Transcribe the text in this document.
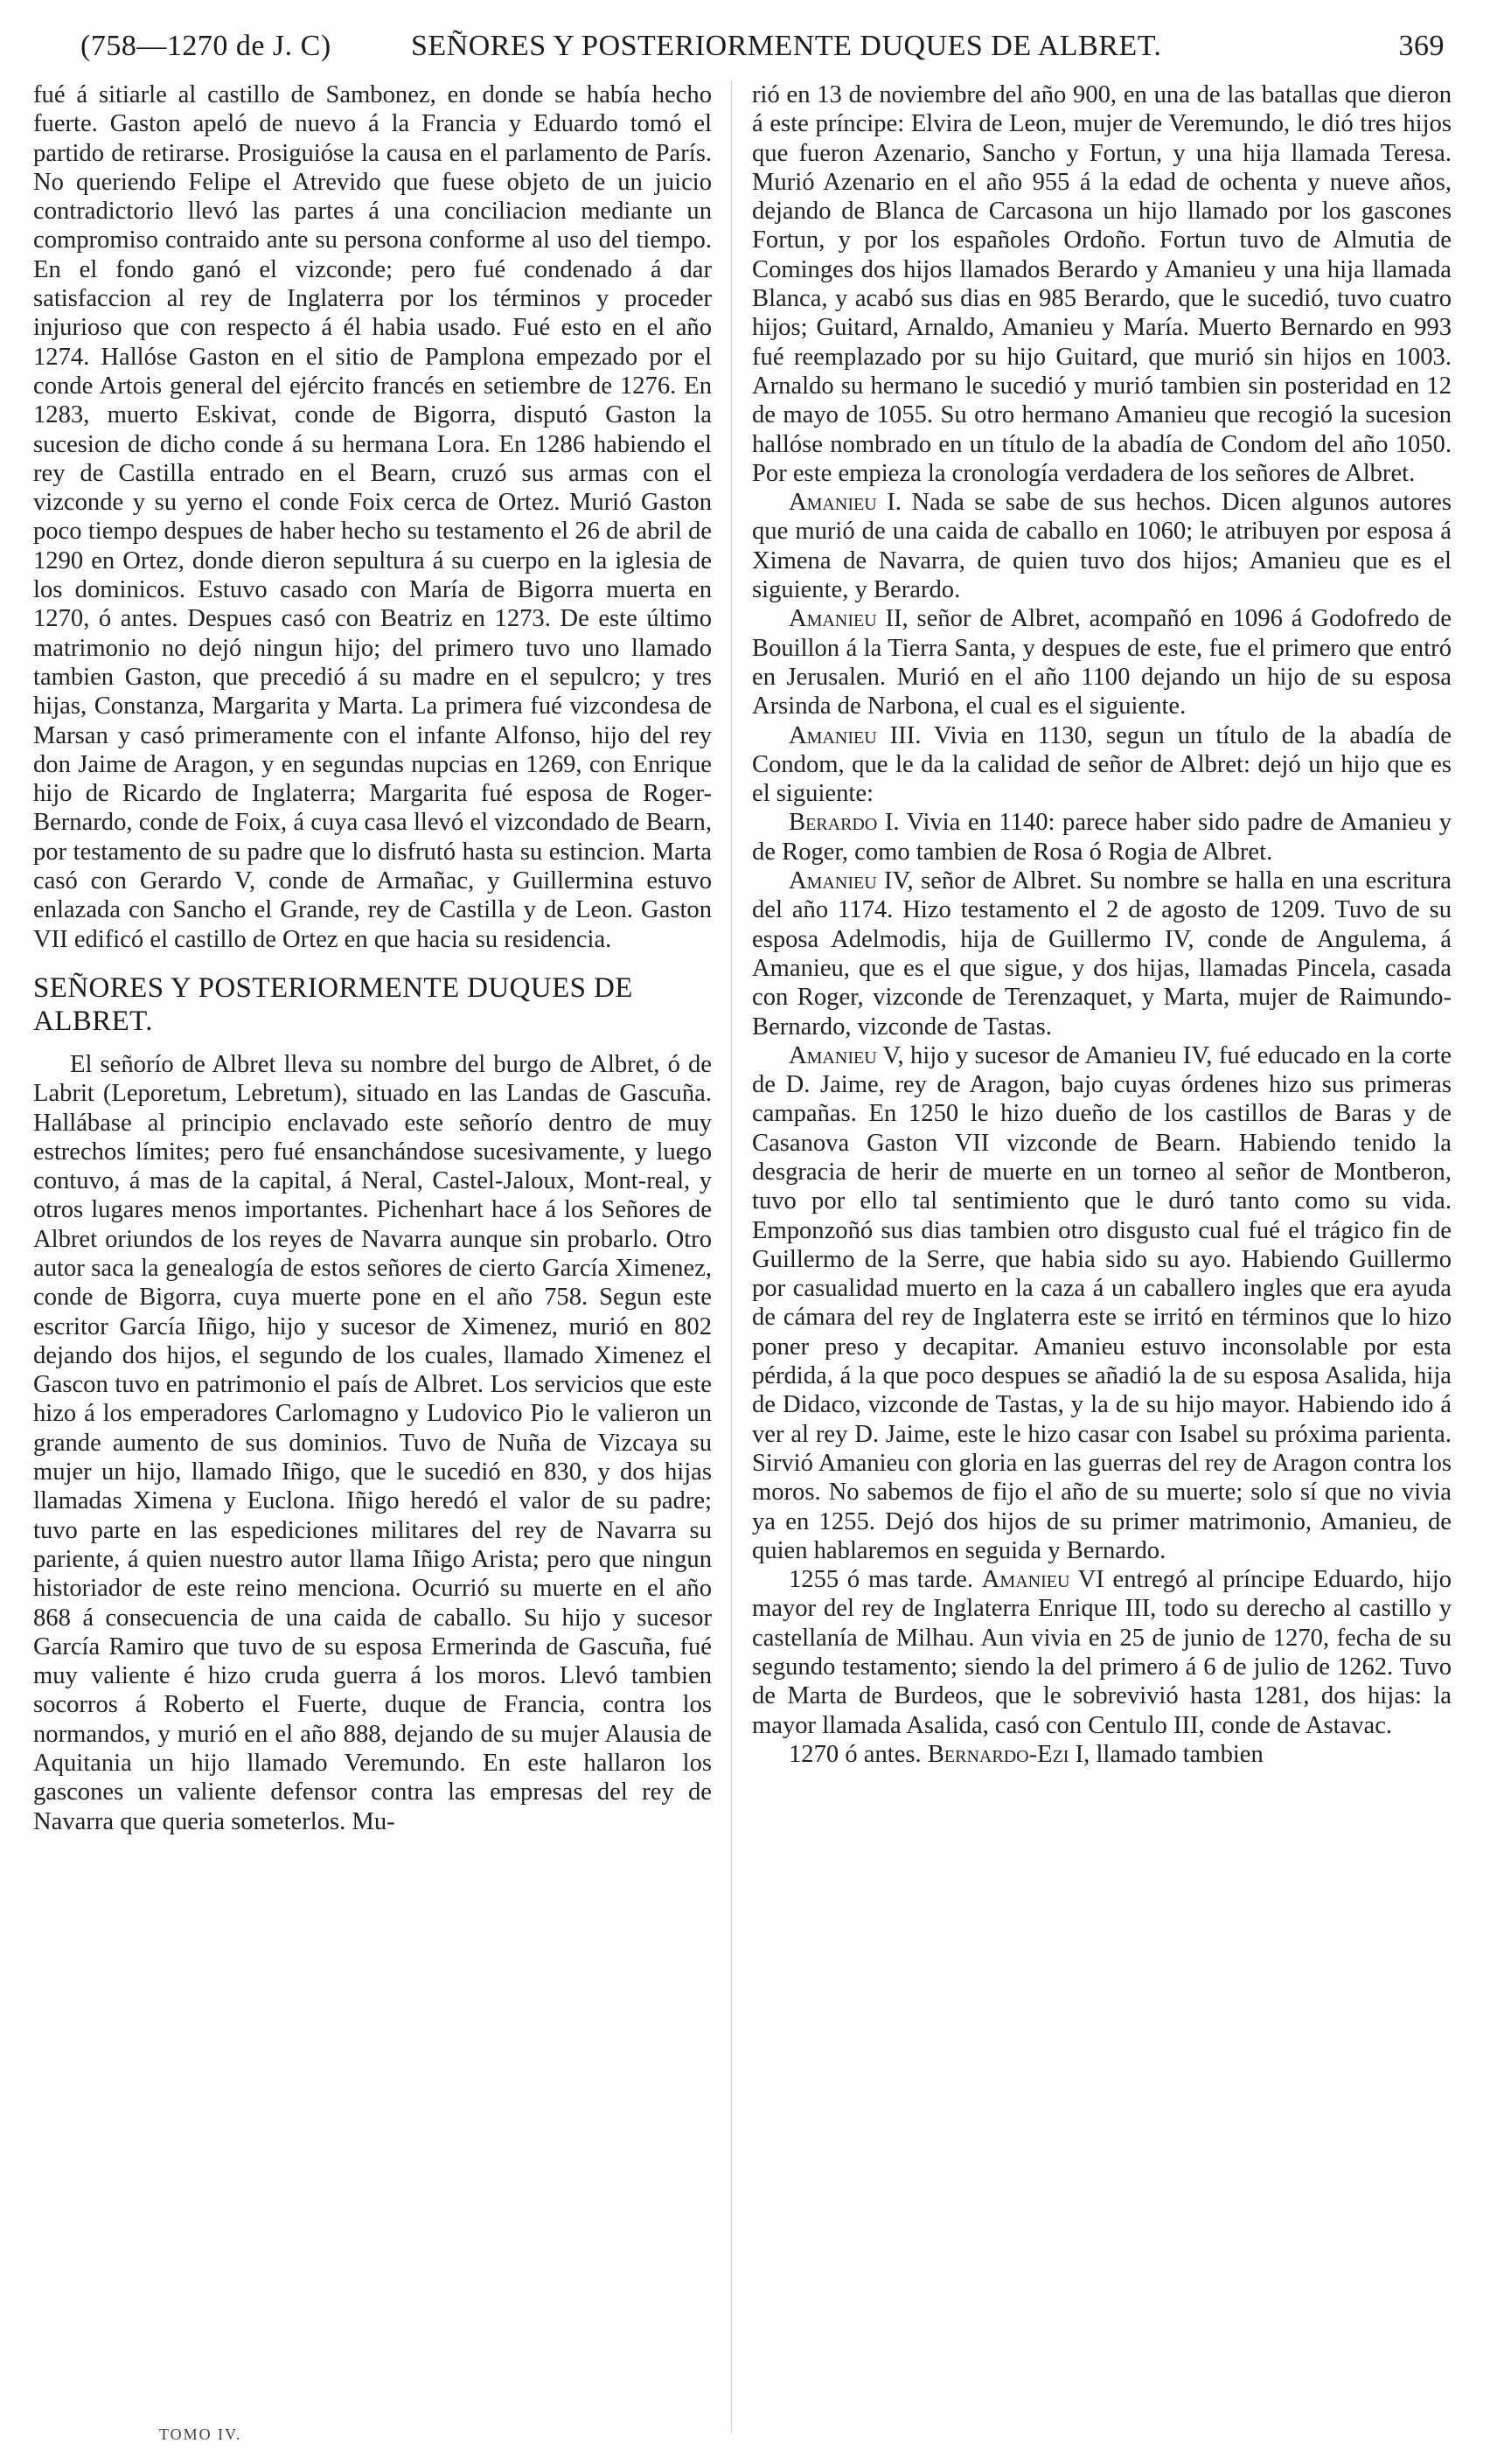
(758—1270 de J. C)	SEÑORES Y POSTERIORMENTE DUQUES DE ALBRET.	369

fué á sitiarle al castillo de Sambonez, en donde se había hecho fuerte. Gaston apeló de nuevo á la Francia y Eduardo tomó el partido de retirarse. Prosiguióse la causa en el parlamento de París. No queriendo Felipe el Atrevido que fuese objeto de un juicio contradictorio llevó las partes á una conciliacion mediante un compromiso contraido ante su persona conforme al uso del tiempo. En el fondo ganó el vizconde; pero fué condenado á dar satisfaccion al rey de Inglaterra por los términos y proceder injurioso que con respecto á él habia usado. Fué esto en el año 1274. Hallóse Gaston en el sitio de Pamplona empezado por el conde Artois general del ejército francés en setiembre de 1276. En 1283, muerto Eskivat, conde de Bigorra, disputó Gaston la sucesion de dicho conde á su hermana Lora. En 1286 habiendo el rey de Castilla entrado en el Bearn, cruzó sus armas con el vizconde y su yerno el conde Foix cerca de Ortez. Murió Gaston poco tiempo despues de haber hecho su testamento el 26 de abril de 1290 en Ortez, donde dieron sepultura á su cuerpo en la iglesia de los dominicos. Estuvo casado con María de Bigorra muerta en 1270, ó antes. Despues casó con Beatriz en 1273. De este último matrimonio no dejó ningun hijo; del primero tuvo uno llamado tambien Gaston, que precedió á su madre en el sepulcro; y tres hijas, Constanza, Margarita y Marta. La primera fué vizcondesa de Marsan y casó primeramente con el infante Alfonso, hijo del rey don Jaime de Aragon, y en segundas nupcias en 1269, con Enrique hijo de Ricardo de Inglaterra; Margarita fué esposa de Roger-Bernardo, conde de Foix, á cuya casa llevó el vizcondado de Bearn, por testamento de su padre que lo disfrutó hasta su estincion. Marta casó con Gerardo V, conde de Armañac, y Guillermina estuvo enlazada con Sancho el Grande, rey de Castilla y de Leon. Gaston VII edificó el castillo de Ortez en que hacia su residencia.

SEÑORES Y POSTERIORMENTE DUQUES DE ALBRET.

El señorío de Albret lleva su nombre del burgo de Albret, ó de Labrit (Leporetum, Lebretum), situado en las Landas de Gascuña. Hallábase al principio enclavado este señorío dentro de muy estrechos límites; pero fué ensanchándose sucesivamente, y luego contuvo, á mas de la capital, á Neral, Castel-Jaloux, Mont-real, y otros lugares menos importantes. Pichenhart hace á los Señores de Albret oriundos de los reyes de Navarra aunque sin probarlo. Otro autor saca la genealogía de estos señores de cierto García Ximenez, conde de Bigorra, cuya muerte pone en el año 758. Segun este escritor García Iñigo, hijo y sucesor de Ximenez, murió en 802 dejando dos hijos, el segundo de los cuales, llamado Ximenez el Gascon tuvo en patrimonio el país de Albret. Los servicios que este hizo á los emperadores Carlomagno y Ludovico Pio le valieron un grande aumento de sus dominios. Tuvo de Nuña de Vizcaya su mujer un hijo, llamado Iñigo, que le sucedió en 830, y dos hijas llamadas Ximena y Euclona. Iñigo heredó el valor de su padre; tuvo parte en las espediciones militares del rey de Navarra su pariente, á quien nuestro autor llama Iñigo Arista; pero que ningun historiador de este reino menciona. Ocurrió su muerte en el año 868 á consecuencia de una caida de caballo. Su hijo y sucesor García Ramiro que tuvo de su esposa Ermerinda de Gascuña, fué muy valiente é hizo cruda guerra á los moros. Llevó tambien socorros á Roberto el Fuerte, duque de Francia, contra los normandos, y murió en el año 888, dejando de su mujer Alausia de Aquitania un hijo llamado Veremundo. En este hallaron los gascones un valiente defensor contra las empresas del rey de Navarra que queria someterlos. Mu-

rió en 13 de noviembre del año 900, en una de las batallas que dieron á este príncipe: Elvira de Leon, mujer de Veremundo, le dió tres hijos que fueron Azenario, Sancho y Fortun, y una hija llamada Teresa. Murió Azenario en el año 955 á la edad de ochenta y nueve años, dejando de Blanca de Carcasona un hijo llamado por los gascones Fortun, y por los españoles Ordoño. Fortun tuvo de Almutia de Cominges dos hijos llamados Berardo y Amanieu y una hija llamada Blanca, y acabó sus dias en 985 Berardo, que le sucedió, tuvo cuatro hijos; Guitard, Arnaldo, Amanieu y María. Muerto Bernardo en 993 fué reemplazado por su hijo Guitard, que murió sin hijos en 1003. Arnaldo su hermano le sucedió y murió tambien sin posteridad en 12 de mayo de 1055. Su otro hermano Amanieu que recogió la sucesion hallóse nombrado en un título de la abadía de Condom del año 1050. Por este empieza la cronología verdadera de los señores de Albret.

Amanieu I. Nada se sabe de sus hechos. Dicen algunos autores que murió de una caida de caballo en 1060; le atribuyen por esposa á Ximena de Navarra, de quien tuvo dos hijos; Amanieu que es el siguiente, y Berardo.

Amanieu II, señor de Albret, acompañó en 1096 á Godofredo de Bouillon á la Tierra Santa, y despues de este, fue el primero que entró en Jerusalen. Murió en el año 1100 dejando un hijo de su esposa Arsinda de Narbona, el cual es el siguiente.

Amanieu III. Vivia en 1130, segun un título de la abadía de Condom, que le da la calidad de señor de Albret: dejó un hijo que es el siguiente:

Berardo I. Vivia en 1140: parece haber sido padre de Amanieu y de Roger, como tambien de Rosa ó Rogia de Albret.

Amanieu IV, señor de Albret. Su nombre se halla en una escritura del año 1174. Hizo testamento el 2 de agosto de 1209. Tuvo de su esposa Adelmodis, hija de Guillermo IV, conde de Angulema, á Amanieu, que es el que sigue, y dos hijas, llamadas Pincela, casada con Roger, vizconde de Terenzaquet, y Marta, mujer de Raimundo-Bernardo, vizconde de Tastas.

Amanieu V, hijo y sucesor de Amanieu IV, fué educado en la corte de D. Jaime, rey de Aragon, bajo cuyas órdenes hizo sus primeras campañas. En 1250 le hizo dueño de los castillos de Baras y de Casanova Gaston VII vizconde de Bearn. Habiendo tenido la desgracia de herir de muerte en un torneo al señor de Montberon, tuvo por ello tal sentimiento que le duró tanto como su vida. Emponzoñó sus dias tambien otro disgusto cual fué el trágico fin de Guillermo de la Serre, que habia sido su ayo. Habiendo Guillermo por casualidad muerto en la caza á un caballero ingles que era ayuda de cámara del rey de Inglaterra este se irritó en términos que lo hizo poner preso y decapitar. Amanieu estuvo inconsolable por esta pérdida, á la que poco despues se añadió la de su esposa Asalida, hija de Didaco, vizconde de Tastas, y la de su hijo mayor. Habiendo ido á ver al rey D. Jaime, este le hizo casar con Isabel su próxima parienta. Sirvió Amanieu con gloria en las guerras del rey de Aragon contra los moros. No sabemos de fijo el año de su muerte; solo sí que no vivia ya en 1255. Dejó dos hijos de su primer matrimonio, Amanieu, de quien hablaremos en seguida y Bernardo.

1255 ó mas tarde. Amanieu VI entregó al príncipe Eduardo, hijo mayor del rey de Inglaterra Enrique III, todo su derecho al castillo y castellanía de Milhau. Aun vivia en 25 de junio de 1270, fecha de su segundo testamento; siendo la del primero á 6 de julio de 1262. Tuvo de Marta de Burdeos, que le sobrevivió hasta 1281, dos hijas: la mayor llamada Asalida, casó con Centulo III, conde de Astavac.

1270 ó antes. Bernardo-Ezi I, llamado tambien

TOMO IV.
